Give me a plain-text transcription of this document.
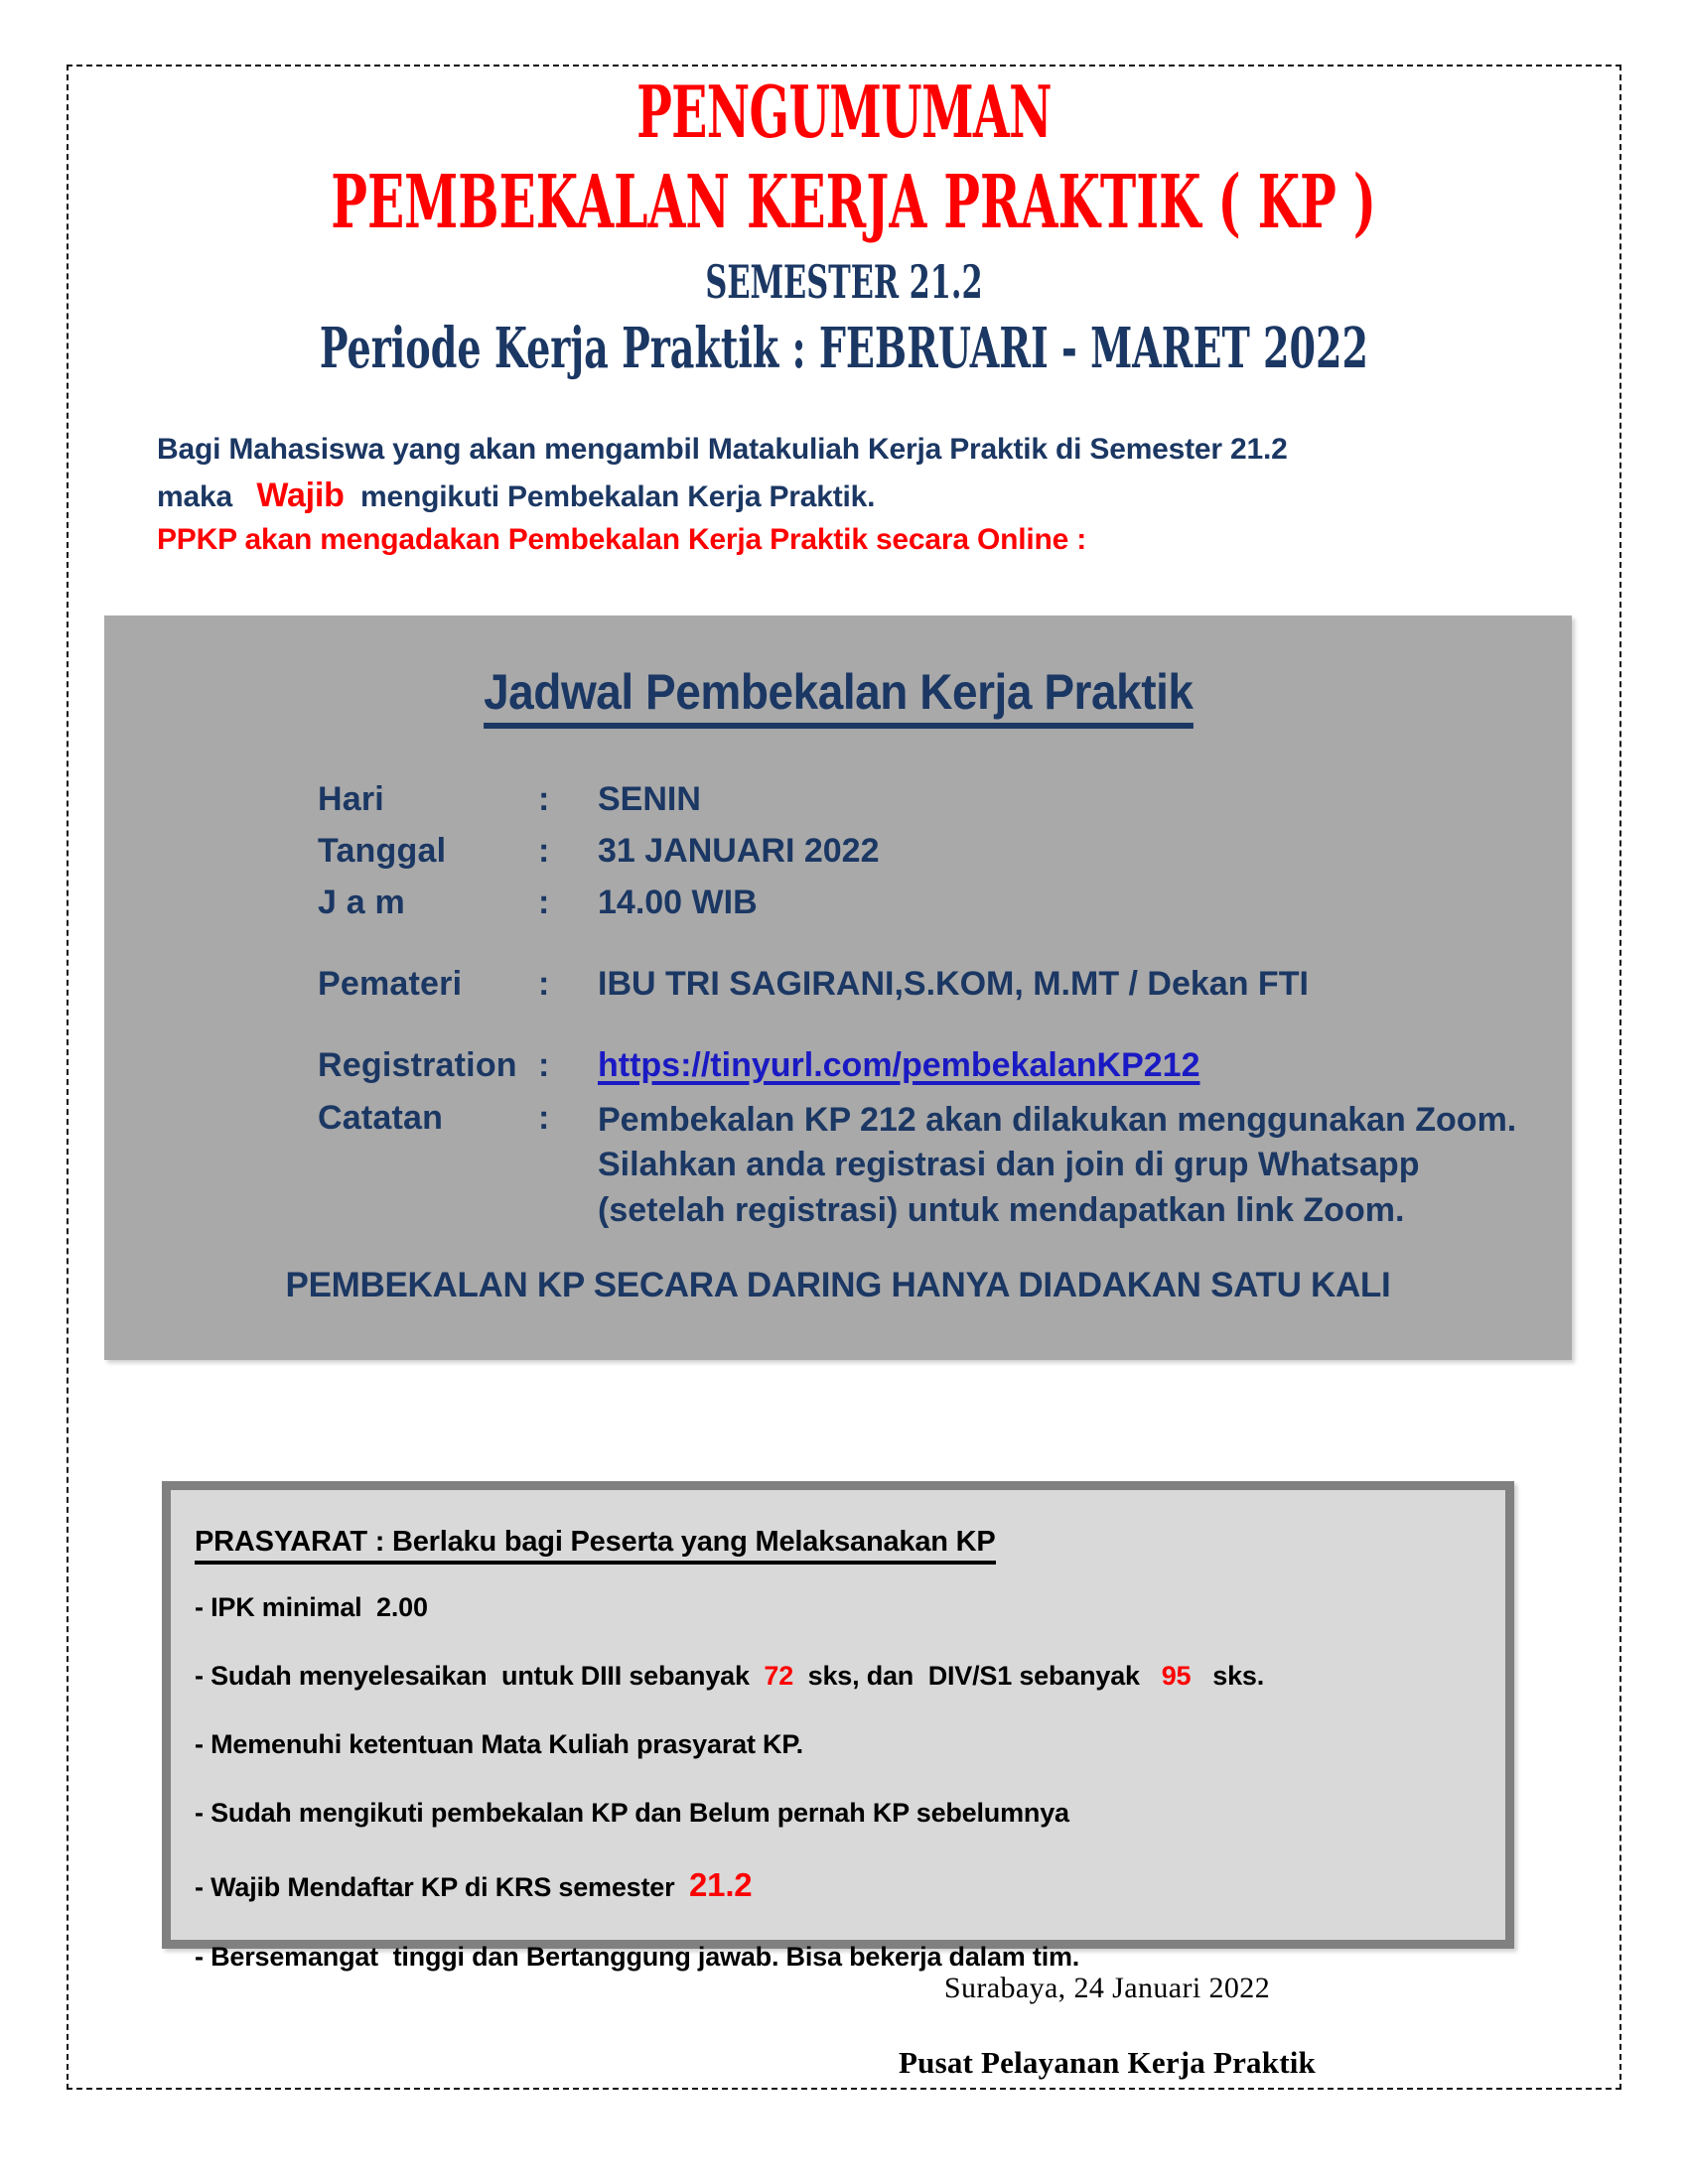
PENGUMUMAN
PEMBEKALAN KERJA PRAKTIK ( KP )
SEMESTER 21.2
Periode Kerja Praktik : FEBRUARI - MARET 2022
Bagi Mahasiswa yang akan mengambil Matakuliah Kerja Praktik di Semester 21.2
maka Wajib mengikuti Pembekalan Kerja Praktik.
PPKP akan mengadakan Pembekalan Kerja Praktik secara Online :
Jadwal Pembekalan Kerja Praktik
Hari	:	SENIN
Tanggal	:	31 JANUARI 2022
J a m	:	14.00 WIB
Pemateri	:	IBU TRI SAGIRANI,S.KOM, M.MT / Dekan FTI
Registration :	https://tinyurl.com/pembekalanKP212
Catatan	:	Pembekalan KP 212 akan dilakukan menggunakan Zoom. Silahkan anda registrasi dan join di grup Whatsapp (setelah registrasi) untuk mendapatkan link Zoom.
PEMBEKALAN KP SECARA DARING HANYA DIADAKAN SATU KALI
PRASYARAT : Berlaku bagi Peserta yang Melaksanakan KP
- IPK minimal  2.00
- Sudah menyelesaikan  untuk DIII sebanyak  72  sks, dan  DIV/S1 sebanyak   95   sks.
- Memenuhi ketentuan Mata Kuliah prasyarat KP.
- Sudah mengikuti pembekalan KP dan Belum pernah KP sebelumnya
- Wajib Mendaftar KP di KRS semester  21.2
- Bersemangat  tinggi dan Bertanggung jawab. Bisa bekerja dalam tim.
Surabaya, 24 Januari 2022
Pusat Pelayanan Kerja Praktik
